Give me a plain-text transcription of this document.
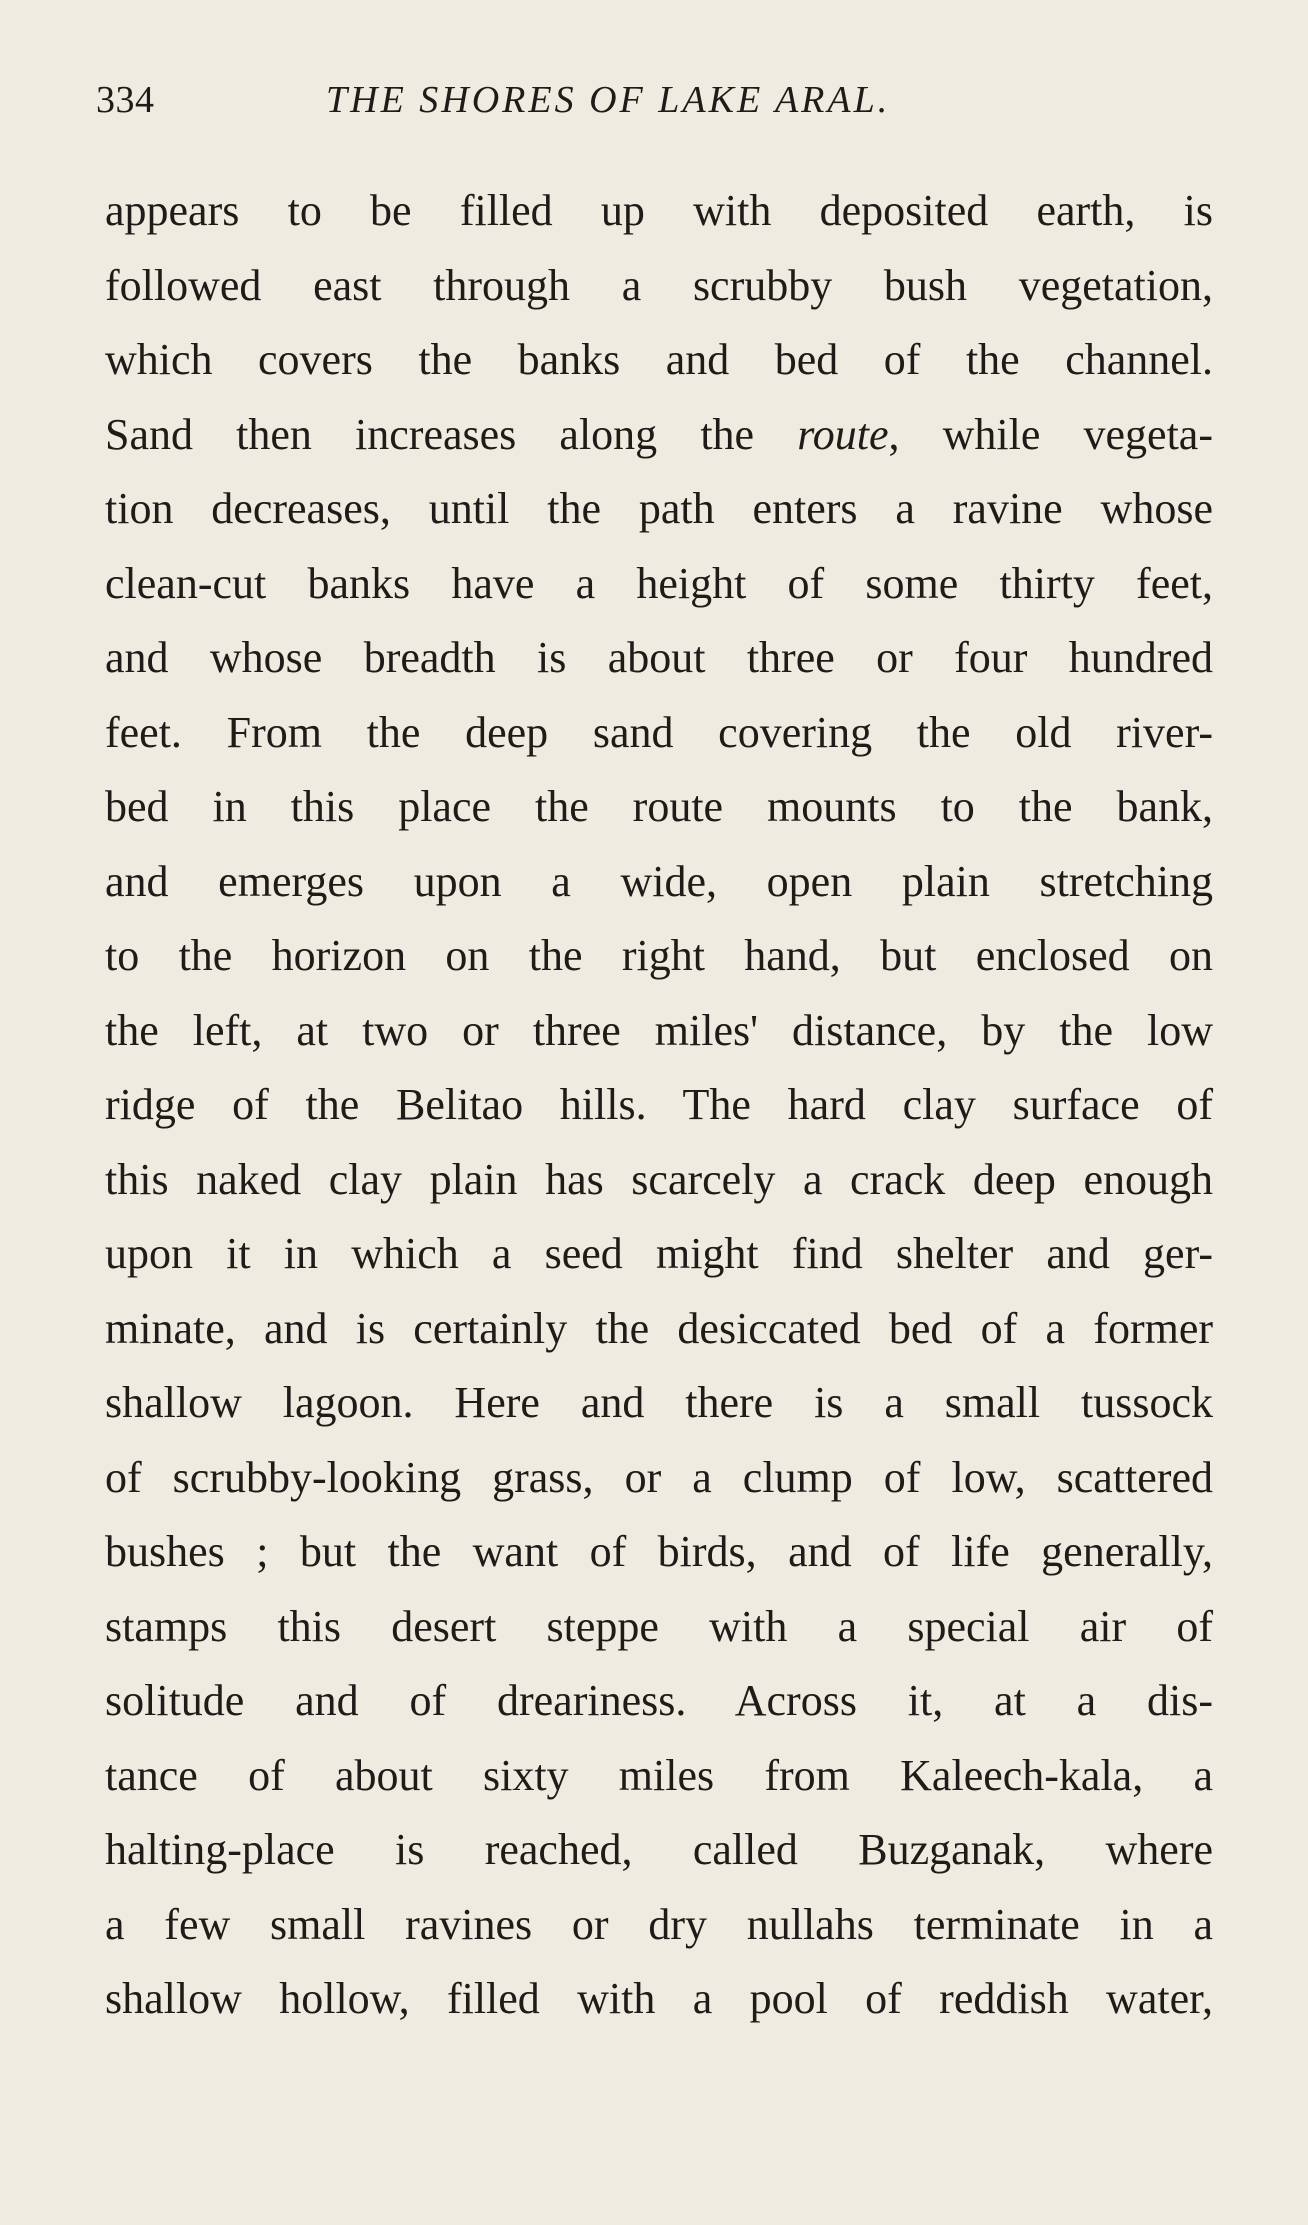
334	THE SHORES OF LAKE ARAL.
appears to be filled up with deposited earth, is
followed east through a scrubby bush vegetation,
which covers the banks and bed of the channel.
Sand then increases along the route, while vegeta-
tion decreases, until the path enters a ravine whose
clean-cut banks have a height of some thirty feet,
and whose breadth is about three or four hundred
feet. From the deep sand covering the old river-
bed in this place the route mounts to the bank,
and emerges upon a wide, open plain stretching
to the horizon on the right hand, but enclosed on
the left, at two or three miles' distance, by the low
ridge of the Belitao hills. The hard clay surface of
this naked clay plain has scarcely a crack deep enough
upon it in which a seed might find shelter and ger-
minate, and is certainly the desiccated bed of a former
shallow lagoon. Here and there is a small tussock
of scrubby-looking grass, or a clump of low, scattered
bushes ; but the want of birds, and of life generally,
stamps this desert steppe with a special air of
solitude and of dreariness. Across it, at a dis-
tance of about sixty miles from Kaleech-kala, a
halting-place is reached, called Buzganak, where
a few small ravines or dry nullahs terminate in a
shallow hollow, filled with a pool of reddish water,
